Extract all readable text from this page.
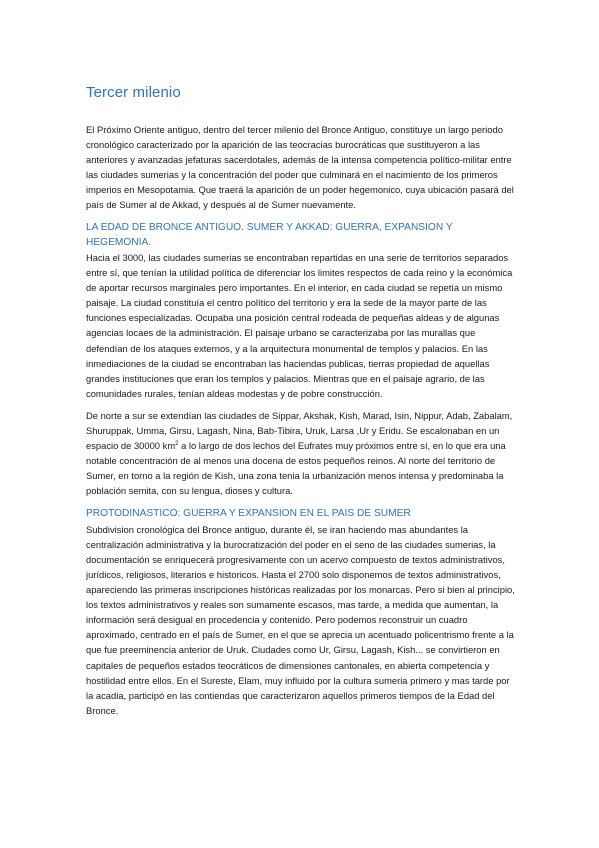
Tercer milenio

El Próximo Oriente antiguo, dentro del tercer milenio del Bronce Antiguo, constituye un largo periodo cronológico caracterizado por la aparición de las teocracias burocráticas que sustituyeron a las anteriores y avanzadas jefaturas sacerdotales, además de la intensa competencia político-militar entre las ciudades sumerias y la concentración del poder que culminará en el nacimiento de los primeros imperios en Mesopotamia. Que traerá la aparición de un poder hegemonico, cuya ubicación pasará del país de Sumer al de Akkad, y después al de Sumer nuevamente.

LA EDAD DE BRONCE ANTIGUO. SUMER Y AKKAD: GUERRA, EXPANSION Y HEGEMONIA.

Hacia el 3000, las ciudades sumerias se encontraban repartidas en una serie de territorios separados entre sí, que tenían la utilidad política de diferenciar los limites respectos de cada reino y la económica de aportar recursos marginales pero importantes. En el interior, en cada ciudad se repetía un mismo paisaje. La ciudad constituía el centro político del territorio y era la sede de la mayor parte de las funciones especializadas. Ocupaba una posición central rodeada de pequeñas aldeas y de algunas agencias locaes de la administración. El paisaje urbano se caracterizaba por las murallas que defendían de los ataques externos, y a la arquitectura monumental de templos y palacios. En las inmediaciones de la ciudad se encontraban las haciendas publicas, tierras propiedad de aquellas grandes instituciones que eran los templos y palacios. Mientras que en el paisaje agrario, de las comunidades rurales, tenían aldeas modestas y de pobre construcción.

De norte a sur se extendían las ciudades de Sippar, Akshak, Kish, Marad, Isin, Nippur, Adab, Zabalam, Shuruppak, Umma, Girsu, Lagash, Nina, Bab-Tibira, Uruk, Larsa ,Ur y Eridu. Se escalonaban en un espacio de 30000 $km^2$ a lo largo de dos lechos del Eufrates muy próximos entre sí, en lo que era una notable concentración de al menos una docena de estos pequeños reinos. Al norte del territorio de Sumer, en torno a la región de Kish, una zona tenia la urbanización menos intensa y predominaba la población semita, con su lengua, dioses y cultura.

PROTODINASTICO: GUERRA Y EXPANSION EN EL PAIS DE SUMER

Subdivision cronológica del Bronce antiguo, durante él, se iran haciendo mas abundantes la centralización administrativa y la burocratización del poder en el seno de las ciudades sumerias, la documentación se enriquecerá progresivamente con un acervo compuesto de textos administrativos, jurídicos, religiosos, literarios e historicos. Hasta el 2700 solo disponemos de textos administrativos, apareciendo las primeras inscripciones históricas realizadas por los monarcas. Pero si bien al principio, los textos administrativos y reales son sumamente escasos, mas tarde, a medida que aumentan, la información será desigual en procedencia y contenido. Pero podemos reconstruir un cuadro aproximado, centrado en el país de Sumer, en el que se aprecia un acentuado policentrismo frente a la que fue preeminencia anterior de Uruk. Ciudades como Ur, Girsu, Lagash, Kish... se convirtieron en capitales de pequeños estados teocráticos de dimensiones cantonales, en abierta competencia y hostilidad entre ellos. En el Sureste, Elam, muy influido por la cultura sumeria primero y mas tarde por la acadia, participó en las contiendas que caracterizaron aquellos primeros tiempos de la Edad del Bronce.
